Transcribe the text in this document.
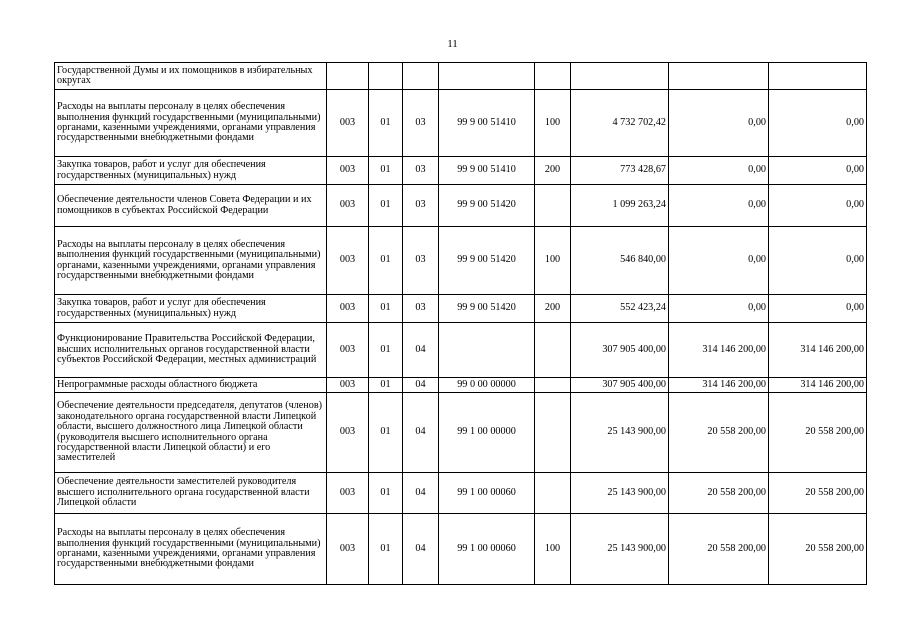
11
Государственной Думы и их помощников в избирательных округах								
Расходы на выплаты персоналу в целях обеспечения выполнения функций государственными (муниципальными) органами, казенными учреждениями, органами управления государственными внебюджетными фондами	003	01	03	99 9 00 51410	100	4 732 702,42	0,00	0,00
Закупка товаров, работ и услуг для обеспечения государственных (муниципальных) нужд	003	01	03	99 9 00 51410	200	773 428,67	0,00	0,00
Обеспечение деятельности членов Совета Федерации и их помощников в субъектах Российской Федерации	003	01	03	99 9 00 51420		1 099 263,24	0,00	0,00
Расходы на выплаты персоналу в целях обеспечения выполнения функций государственными (муниципальными) органами, казенными учреждениями, органами управления государственными внебюджетными фондами	003	01	03	99 9 00 51420	100	546 840,00	0,00	0,00
Закупка товаров, работ и услуг для обеспечения государственных (муниципальных) нужд	003	01	03	99 9 00 51420	200	552 423,24	0,00	0,00
Функционирование Правительства Российской Федерации, высших исполнительных органов государственной власти субъектов Российской Федерации, местных администраций	003	01	04			307 905 400,00	314 146 200,00	314 146 200,00
Непрограммные расходы областного бюджета	003	01	04	99 0 00 00000		307 905 400,00	314 146 200,00	314 146 200,00
Обеспечение деятельности председателя, депутатов (членов) законодательного органа государственной власти Липецкой области, высшего должностного лица Липецкой области (руководителя высшего исполнительного органа государственной власти Липецкой области) и его заместителей	003	01	04	99 1 00 00000		25 143 900,00	20 558 200,00	20 558 200,00
Обеспечение деятельности заместителей руководителя высшего исполнительного органа государственной власти Липецкой области	003	01	04	99 1 00 00060		25 143 900,00	20 558 200,00	20 558 200,00
Расходы на выплаты персоналу в целях обеспечения выполнения функций государственными (муниципальными) органами, казенными учреждениями, органами управления государственными внебюджетными фондами	003	01	04	99 1 00 00060	100	25 143 900,00	20 558 200,00	20 558 200,00
